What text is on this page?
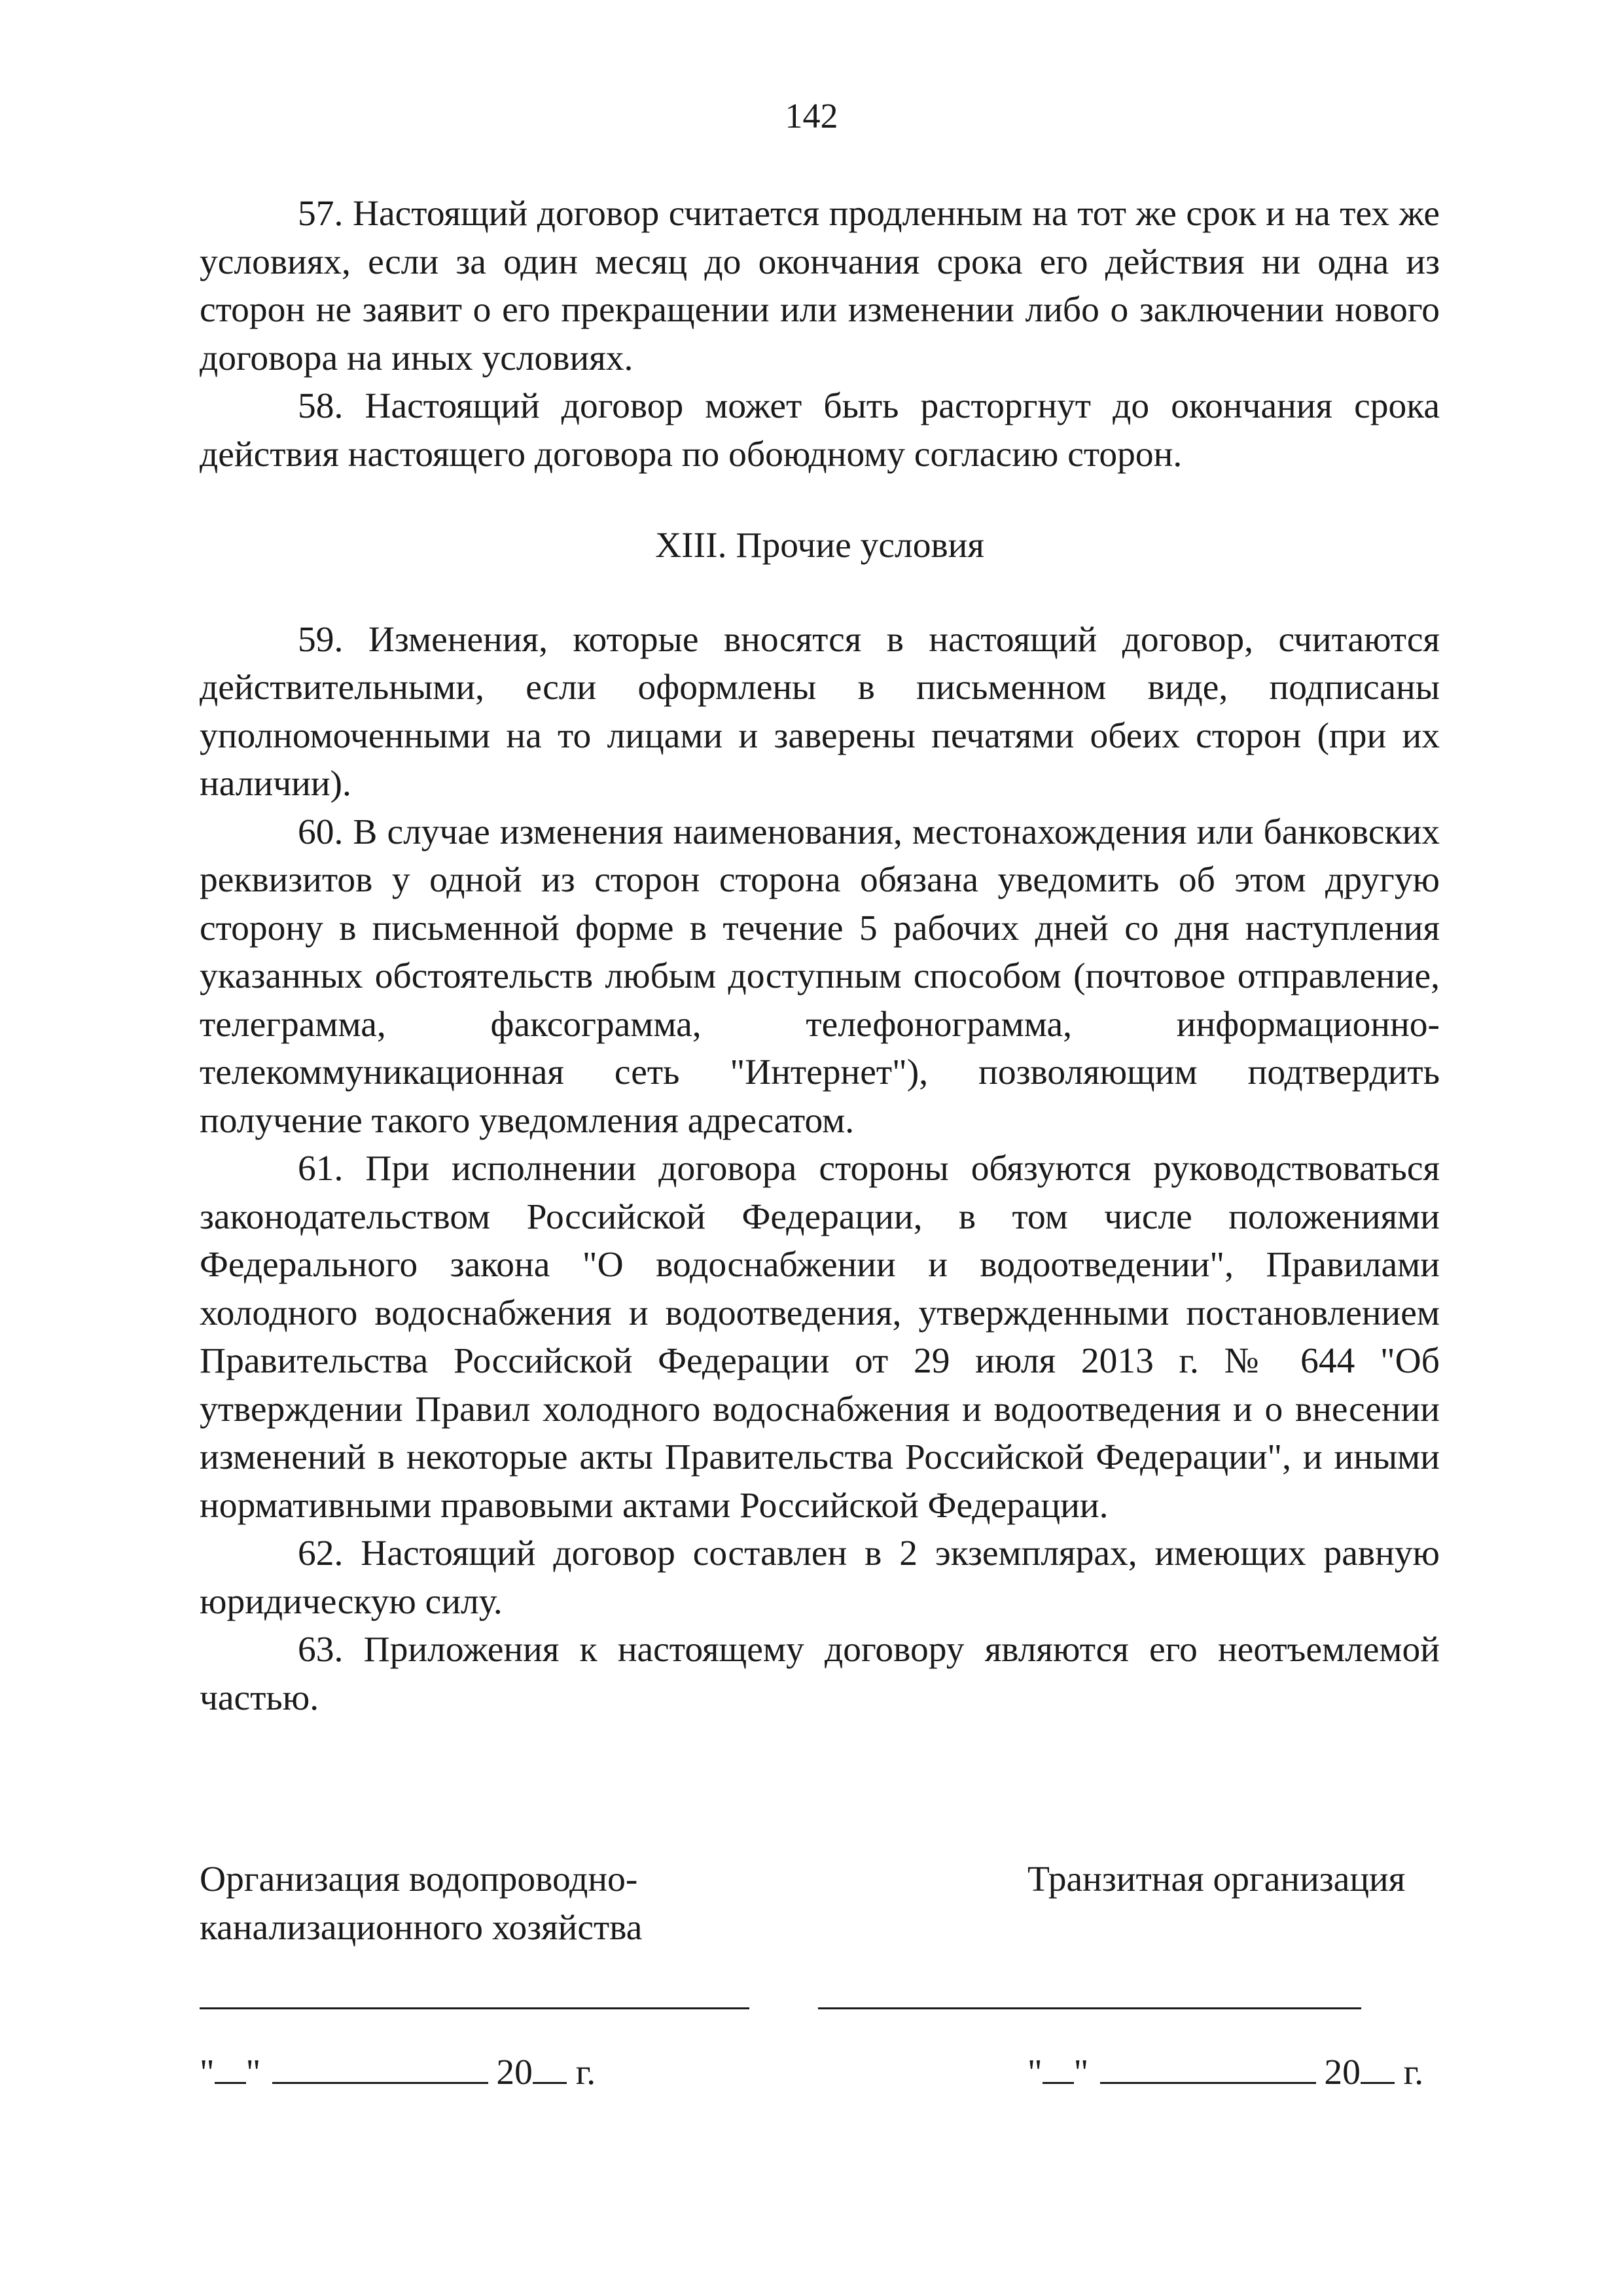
142

57. Настоящий договор считается продленным на тот же срок и на тех же условиях, если за один месяц до окончания срока его действия ни одна из сторон не заявит о его прекращении или изменении либо о заключении нового договора на иных условиях.

58. Настоящий договор может быть расторгнут до окончания срока действия настоящего договора по обоюдному согласию сторон.

XIII. Прочие условия

59. Изменения, которые вносятся в настоящий договор, считаются действительными, если оформлены в письменном виде, подписаны уполномоченными на то лицами и заверены печатями обеих сторон (при их наличии).

60. В случае изменения наименования, местонахождения или банковских реквизитов у одной из сторон сторона обязана уведомить об этом другую сторону в письменной форме в течение 5 рабочих дней со дня наступления указанных обстоятельств любым доступным способом (почтовое отправление, телеграмма, факсограмма, телефонограмма, информационно-телекоммуникационная сеть "Интернет"), позволяющим подтвердить получение такого уведомления адресатом.

61. При исполнении договора стороны обязуются руководствоваться законодательством Российской Федерации, в том числе положениями Федерального закона "О водоснабжении и водоотведении", Правилами холодного водоснабжения и водоотведения, утвержденными постановлением Правительства Российской Федерации от 29 июля 2013 г. № 644 "Об утверждении Правил холодного водоснабжения и водоотведения и о внесении изменений в некоторые акты Правительства Российской Федерации", и иными нормативными правовыми актами Российской Федерации.

62. Настоящий договор составлен в 2 экземплярах, имеющих равную юридическую силу.

63. Приложения к настоящему договору являются его неотъемлемой частью.

Организация водопроводно-
канализационного хозяйства
Транзитная организация
" "	20 г.	" "	20 г.
